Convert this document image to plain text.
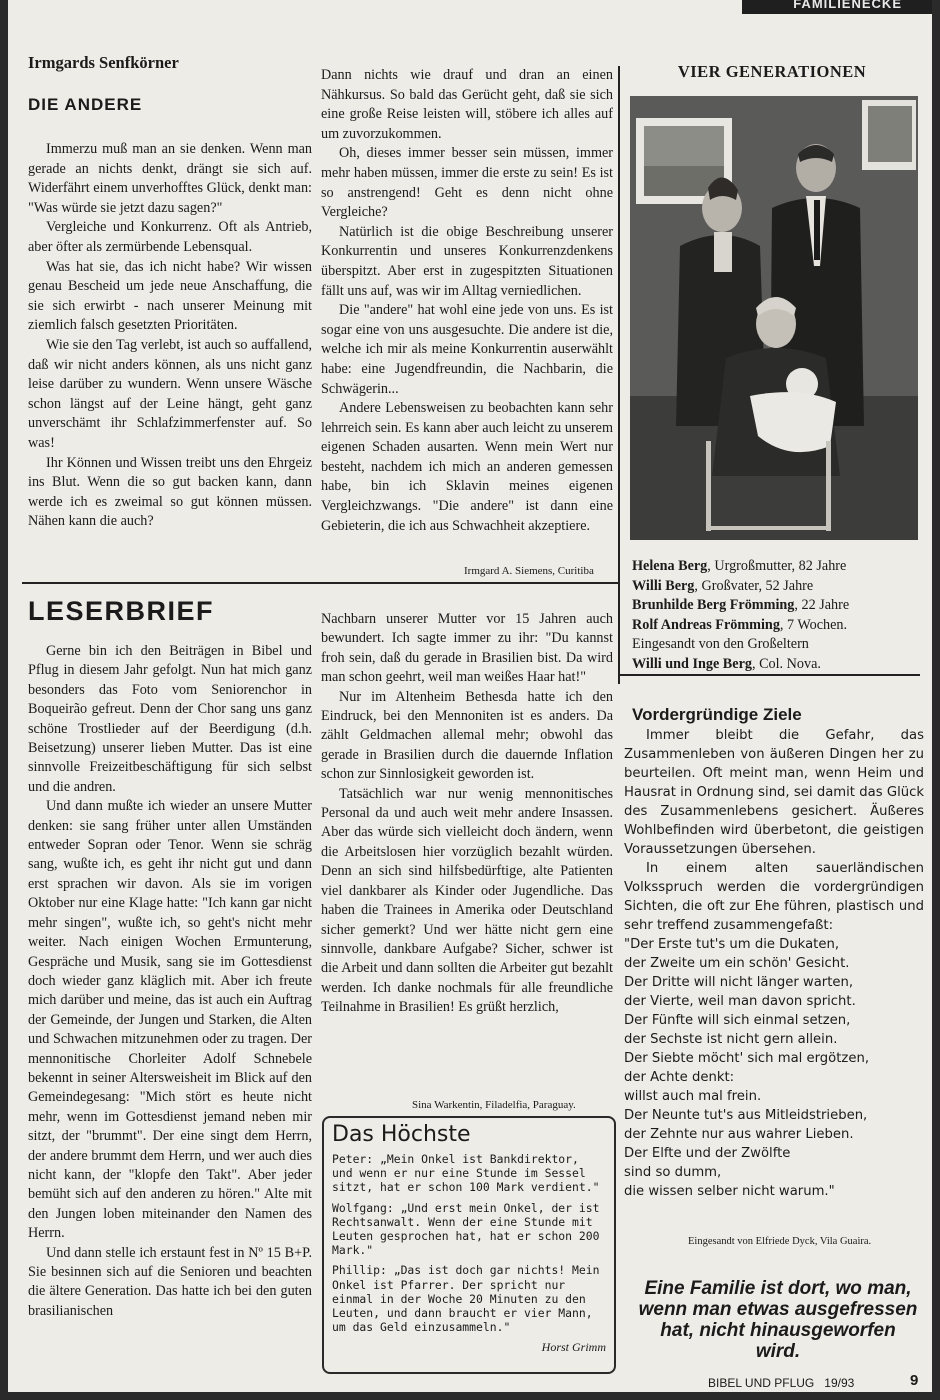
FAMILIENECKE
Irmgards Senfkörner
DIE ANDERE

Immerzu muß man an sie denken. Wenn man gerade an nichts denkt, drängt sie sich auf. Widerfährt einem unverhofftes Glück, denkt man: "Was würde sie jetzt dazu sagen?"

Vergleiche und Konkurrenz. Oft als Antrieb, aber öfter als zermürbende Lebensqual.

Was hat sie, das ich nicht habe? Wir wissen genau Bescheid um jede neue Anschaffung, die sie sich erwirbt - nach unserer Meinung mit ziemlich falsch gesetzten Prioritäten.

Wie sie den Tag verlebt, ist auch so auffallend, daß wir nicht anders können, als uns nicht ganz leise darüber zu wundern. Wenn unsere Wäsche schon längst auf der Leine hängt, geht ganz unverschämt ihr Schlafzimmerfenster auf. So was!

Ihr Können und Wissen treibt uns den Ehrgeiz ins Blut. Wenn die so gut backen kann, dann werde ich es zweimal so gut können müssen. Nähen kann die auch?

Dann nichts wie drauf und dran an einen Nähkursus. So bald das Gerücht geht, daß sie sich eine große Reise leisten will, stöbere ich alles auf um zuvorzukommen.

Oh, dieses immer besser sein müssen, immer mehr haben müssen, immer die erste zu sein! Es ist so anstrengend! Geht es denn nicht ohne Vergleiche?

Natürlich ist die obige Beschreibung unserer Konkurrentin und unseres Konkurrenzdenkens überspitzt. Aber erst in zugespitzten Situationen fällt uns auf, was wir im Alltag verniedlichen.

Die "andere" hat wohl eine jede von uns. Es ist sogar eine von uns ausgesuchte. Die andere ist die, welche ich mir als meine Konkurrentin auserwählt habe: eine Jugendfreundin, die Nachbarin, die Schwägerin...

Andere Lebensweisen zu beobachten kann sehr lehrreich sein. Es kann aber auch leicht zu unserem eigenen Schaden ausarten. Wenn mein Wert nur besteht, nachdem ich mich an anderen gemessen habe, bin ich Sklavin meines eigenen Vergleichzwangs. "Die andere" ist dann eine Gebieterin, die ich aus Schwachheit akzeptiere.

Irmgard A. Siemens, Curitiba
LESERBRIEF

Gerne bin ich den Beiträgen in Bibel und Pflug in diesem Jahr gefolgt. Nun hat mich ganz besonders das Foto vom Seniorenchor in Boqueirão gefreut. Denn der Chor sang uns ganz schöne Trostlieder auf der Beerdigung (d.h. Beisetzung) unserer lieben Mutter. Das ist eine sinnvolle Freizeitbeschäftigung für sich selbst und die andren.

Und dann mußte ich wieder an unsere Mutter denken: sie sang früher unter allen Umständen entweder Sopran oder Tenor. Wenn sie schräg sang, wußte ich, es geht ihr nicht gut und dann erst sprachen wir davon. Als sie im vorigen Oktober nur eine Klage hatte: "Ich kann gar nicht mehr singen", wußte ich, so geht's nicht mehr weiter. Nach einigen Wochen Ermunterung, Gespräche und Musik, sang sie im Gottesdienst doch wieder ganz kläglich mit. Aber ich freute mich darüber und meine, das ist auch ein Auftrag der Gemeinde, der Jungen und Starken, die Alten und Schwachen mitzunehmen oder zu tragen. Der mennonitische Chorleiter Adolf Schnebele bekennt in seiner Altersweisheit im Blick auf den Gemeindegesang: "Mich stört es heute nicht mehr, wenn im Gottesdienst jemand neben mir sitzt, der "brummt". Der eine singt dem Herrn, der andere brummt dem Herrn, und wer auch dies nicht kann, der "klopfe den Takt". Aber jeder bemüht sich auf den anderen zu hören." Alte mit den Jungen loben miteinander den Namen des Herrn.

Und dann stelle ich erstaunt fest in Nº 15 B+P. Sie besinnen sich auf die Senioren und beachten die ältere Generation. Das hatte ich bei den guten brasilianischen

Nachbarn unserer Mutter vor 15 Jahren auch bewundert. Ich sagte immer zu ihr: "Du kannst froh sein, daß du gerade in Brasilien bist. Da wird man schon geehrt, weil man weißes Haar hat!"

Nur im Altenheim Bethesda hatte ich den Eindruck, bei den Mennoniten ist es anders. Da zählt Geldmachen allemal mehr; obwohl das gerade in Brasilien durch die dauernde Inflation schon zur Sinnlosigkeit geworden ist.

Tatsächlich war nur wenig mennonitisches Personal da und auch weit mehr andere Insassen. Aber das würde sich vielleicht doch ändern, wenn die Arbeitslosen hier vorzüglich bezahlt würden. Denn an sich sind hilfsbedürftige, alte Patienten viel dankbarer als Kinder oder Jugendliche. Das haben die Trainees in Amerika oder Deutschland sicher gemerkt? Und wer hätte nicht gern eine sinnvolle, dankbare Aufgabe? Sicher, schwer ist die Arbeit und dann sollten die Arbeiter gut bezahlt werden. Ich danke nochmals für alle freundliche Teilnahme in Brasilien! Es grüßt herzlich,

Sina Warkentin, Filadelfia, Paraguay.
VIER GENERATIONEN
Helena Berg, Urgroßmutter, 82 Jahre
Willi Berg, Großvater, 52 Jahre
Brunhilde Berg Frömming, 22 Jahre
Rolf Andreas Frömming, 7 Wochen.
Eingesandt von den Großeltern
Willi und Inge Berg, Col. Nova.
Vordergründige Ziele

Immer bleibt die Gefahr, das Zusammenleben von äußeren Dingen her zu beurteilen. Oft meint man, wenn Heim und Hausrat in Ordnung sind, sei damit das Glück des Zusammenlebens gesichert. Äußeres Wohlbefinden wird überbetont, die geistigen Voraussetzungen übersehen.

In einem alten sauerländischen Volksspruch werden die vordergründigen Sichten, die oft zur Ehe führen, plastisch und sehr treffend zusammengefaßt:

"Der Erste tut's um die Dukaten,

der Zweite um ein schön' Gesicht.

Der Dritte will nicht länger warten,

der Vierte, weil man davon spricht.

Der Fünfte will sich einmal setzen,

der Sechste ist nicht gern allein.

Der Siebte möcht' sich mal ergötzen,

der Achte denkt:

willst auch mal frein.

Der Neunte tut's aus Mitleidstrieben,

der Zehnte nur aus wahrer Lieben.

Der Elfte und der Zwölfte

sind so dumm,

die wissen selber nicht warum."

Eingesandt von Elfriede Dyck, Vila Guaira.
Das Höchste

Peter: „Mein Onkel ist Bankdirektor, und wenn er nur eine Stunde im Sessel sitzt, hat er schon 100 Mark verdient."

Wolfgang: „Und erst mein Onkel, der ist Rechtsanwalt. Wenn der eine Stunde mit Leuten gesprochen hat, hat er schon 200 Mark."

Phillip: „Das ist doch gar nichts! Mein Onkel ist Pfarrer. Der spricht nur einmal in der Woche 20 Minuten zu den Leuten, und dann braucht er vier Mann, um das Geld einzusammeln."

Horst Grimm
Eine Familie ist dort, wo man, wenn man etwas ausgefressen hat, nicht hinausgeworfen wird.
BIBEL UND PFLUG 19/93	9
